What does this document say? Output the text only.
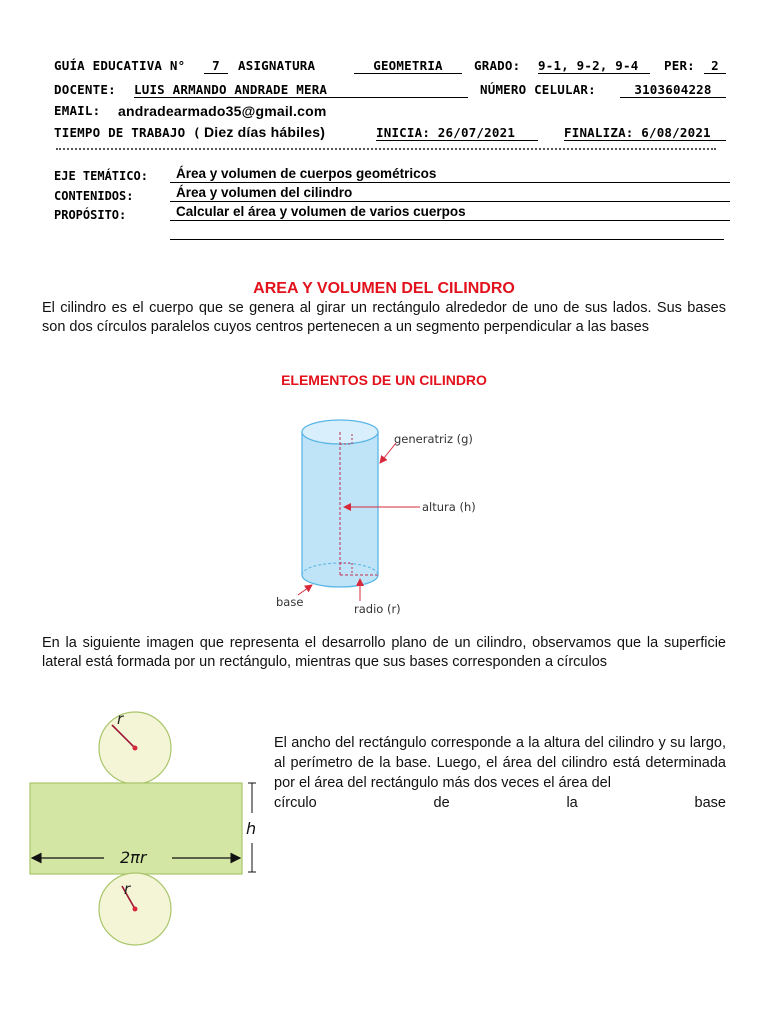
GUÍA EDUCATIVA N°	7	ASIGNATURA	GEOMETRIA	GRADO: 9-1, 9-2, 9-4	PER:	2
DOCENTE: LUIS ARMANDO ANDRADE MERA	NÚMERO CELULAR:	3103604228
EMAIL: andradearmado35@gmail.com
TIEMPO DE TRABAJO ( Diez días hábiles)	INICIA: 26/07/2021	FINALIZA: 6/08/2021
EJE TEMÁTICO:	Área y volumen de cuerpos geométricos
CONTENIDOS:	Área y volumen del cilindro
PROPÓSITO:	Calcular el área y volumen de varios cuerpos
AREA Y VOLUMEN DEL CILINDRO
El cilindro es el cuerpo que se genera al girar un rectángulo alrededor de uno de sus lados. Sus bases son dos círculos paralelos cuyos centros pertenecen a un segmento perpendicular a las bases
ELEMENTOS DE UN CILINDRO
generatriz (g)
altura (h)
base	radio (r)
En la siguiente imagen que representa el desarrollo plano de un cilindro, observamos que la superficie lateral está formada por un rectángulo, mientras que sus bases corresponden a círculos
r
r
2πr
h
El ancho del rectángulo corresponde a la altura del cilindro y su largo, al perímetro de la base. Luego, el área del cilindro está determinada por el área del rectángulo más dos veces el área del
círculo	de	la	base
